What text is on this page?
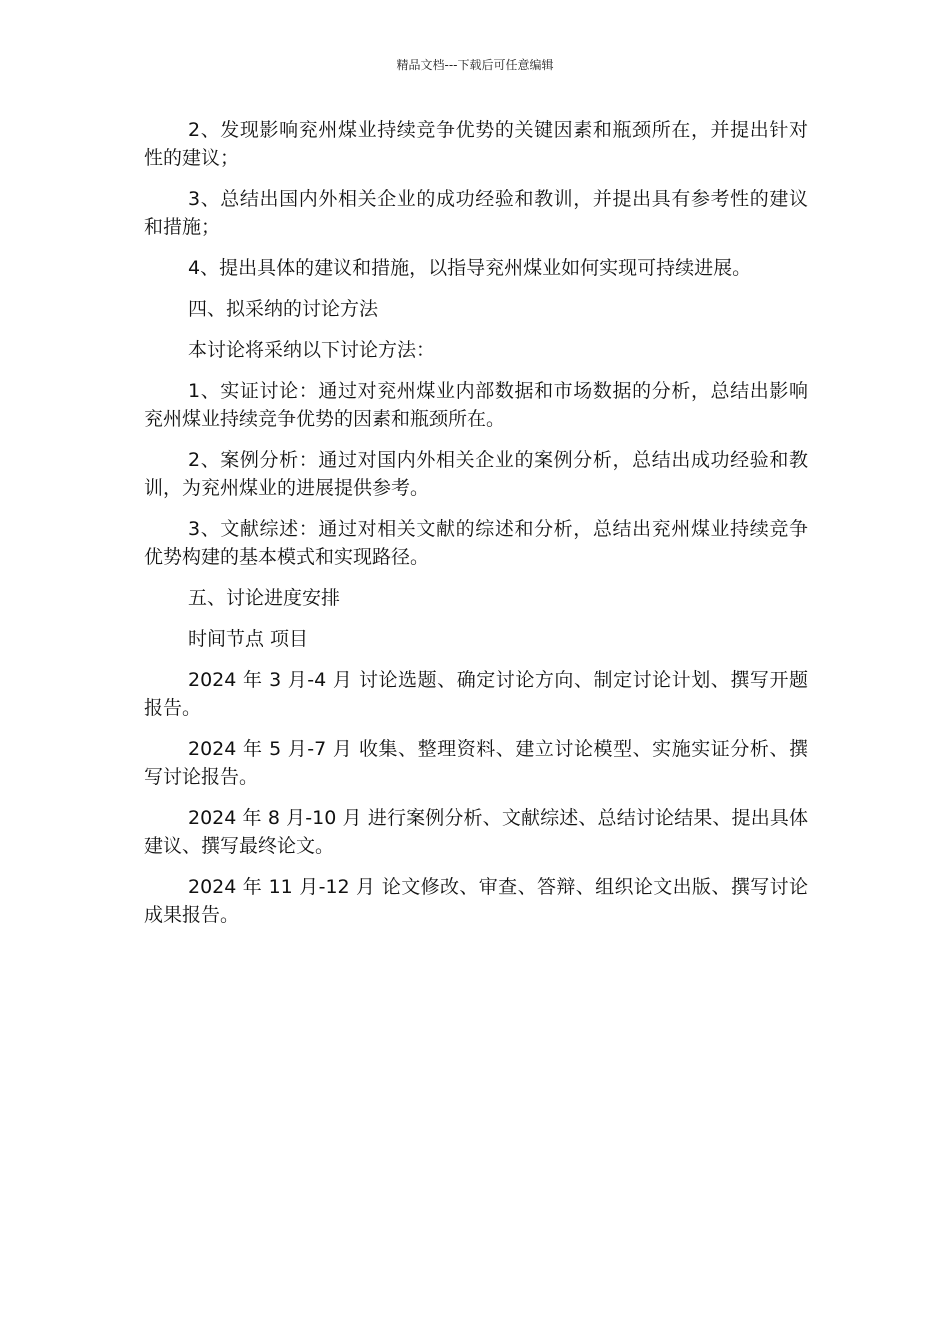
精品文档---下载后可任意编辑

2、发现影响兖州煤业持续竞争优势的关键因素和瓶颈所在，并提出针对性的建议；

3、总结出国内外相关企业的成功经验和教训，并提出具有参考性的建议和措施；

4、提出具体的建议和措施，以指导兖州煤业如何实现可持续进展。

四、拟采纳的讨论方法

本讨论将采纳以下讨论方法：

1、实证讨论：通过对兖州煤业内部数据和市场数据的分析，总结出影响兖州煤业持续竞争优势的因素和瓶颈所在。

2、案例分析：通过对国内外相关企业的案例分析，总结出成功经验和教训，为兖州煤业的进展提供参考。

3、文献综述：通过对相关文献的综述和分析，总结出兖州煤业持续竞争优势构建的基本模式和实现路径。

五、讨论进度安排

时间节点 项目

2024 年 3 月-4 月 讨论选题、确定讨论方向、制定讨论计划、撰写开题报告。

2024 年 5 月-7 月 收集、整理资料、建立讨论模型、实施实证分析、撰写讨论报告。

2024 年 8 月-10 月 进行案例分析、文献综述、总结讨论结果、提出具体建议、撰写最终论文。

2024 年 11 月-12 月 论文修改、审查、答辩、组织论文出版、撰写讨论成果报告。
